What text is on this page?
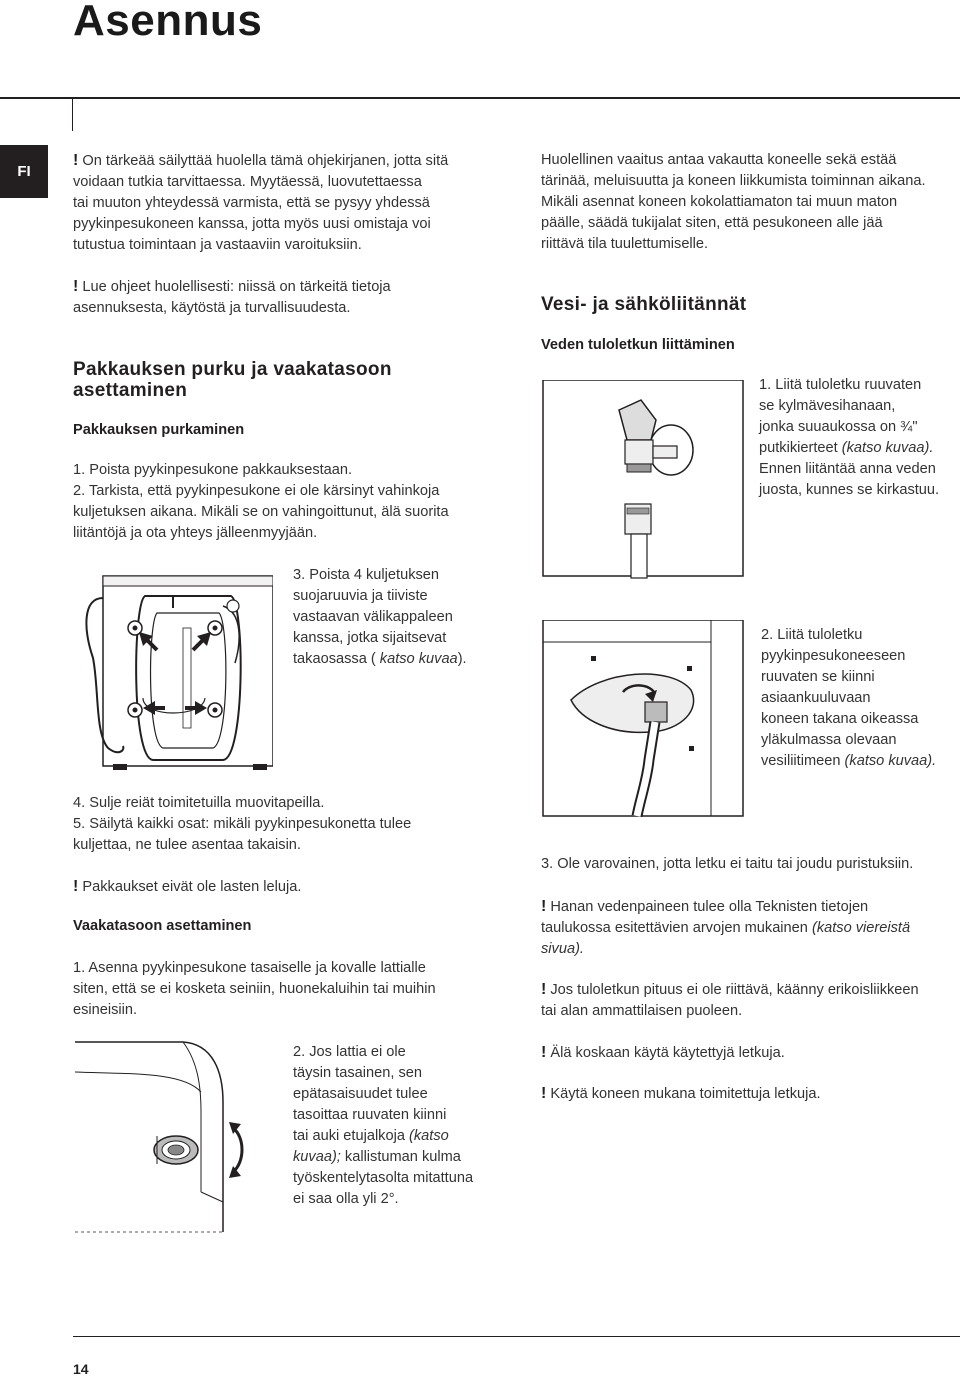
Asennus
FI
! On tärkeää säilyttää huolella tämä ohjekirjanen, jotta sitä
voidaan tutkia tarvittaessa. Myytäessä, luovutettaessa
tai muuton yhteydessä varmista, että se pysyy yhdessä
pyykinpesukoneen kanssa, jotta myös uusi omistaja voi
tutustua toimintaan ja vastaaviin varoituksiin.
! Lue ohjeet huolellisesti: niissä on tärkeitä tietoja
asennuksesta, käytöstä ja turvallisuudesta.
Pakkauksen purku ja vaakatasoon
asettaminen
Pakkauksen purkaminen
1. Poista pyykinpesukone pakkauksestaan.
2. Tarkista, että pyykinpesukone ei ole kärsinyt vahinkoja
kuljetuksen aikana. Mikäli se on vahingoittunut, älä suorita
liitäntöjä ja ota yhteys jälleenmyyjään.
3. Poista 4 kuljetuksen
suojaruuvia ja tiiviste
vastaavan välikappaleen
kanssa, jotka sijaitsevat
takaosassa ( katso kuvaa).
4. Sulje reiät toimitetuilla muovitapeilla.
5. Säilytä kaikki osat: mikäli pyykinpesukonetta tulee
kuljettaa, ne tulee asentaa takaisin.
! Pakkaukset eivät ole lasten leluja.
Vaakatasoon asettaminen
1. Asenna pyykinpesukone tasaiselle ja kovalle lattialle
siten, että se ei kosketa seiniin, huonekaluihin tai muihin
esineisiin.
2. Jos lattia ei ole
täysin tasainen, sen
epätasaisuudet tulee
tasoittaa ruuvaten kiinni
tai auki etujalkoja (katso
kuvaa); kallistuman kulma
työskentelytasolta mitattuna
ei saa olla yli 2°.
Huolellinen vaaitus antaa vakautta koneelle sekä estää
tärinää, meluisuutta ja koneen liikkumista toiminnan aikana.
Mikäli asennat koneen kokolattiamaton tai muun maton
päälle, säädä tukijalat siten, että pesukoneen alle jää
riittävä tila tuulettumiselle.
Vesi- ja sähköliitännät
Veden tuloletkun liittäminen
1. Liitä tuloletku ruuvaten
se kylmävesihanaan,
jonka suuaukossa on ¾"
putkikierteet (katso kuvaa).
Ennen liitäntää anna veden
juosta, kunnes se kirkastuu.
2. Liitä tuloletku
pyykinpesukoneeseen
ruuvaten se kiinni
asiaankuuluvaan
koneen takana oikeassa
yläkulmassa olevaan
vesiliitimeen (katso kuvaa).
3. Ole varovainen, jotta letku ei taitu tai joudu puristuksiin.
! Hanan vedenpaineen tulee olla Teknisten tietojen
taulukossa esitettävien arvojen mukainen (katso viereistä
sivua).
! Jos tuloletkun pituus ei ole riittävä, käänny erikoisliikkeen
tai alan ammattilaisen puoleen.
! Älä koskaan käytä käytettyjä letkuja.
! Käytä koneen mukana toimitettuja letkuja.
14
